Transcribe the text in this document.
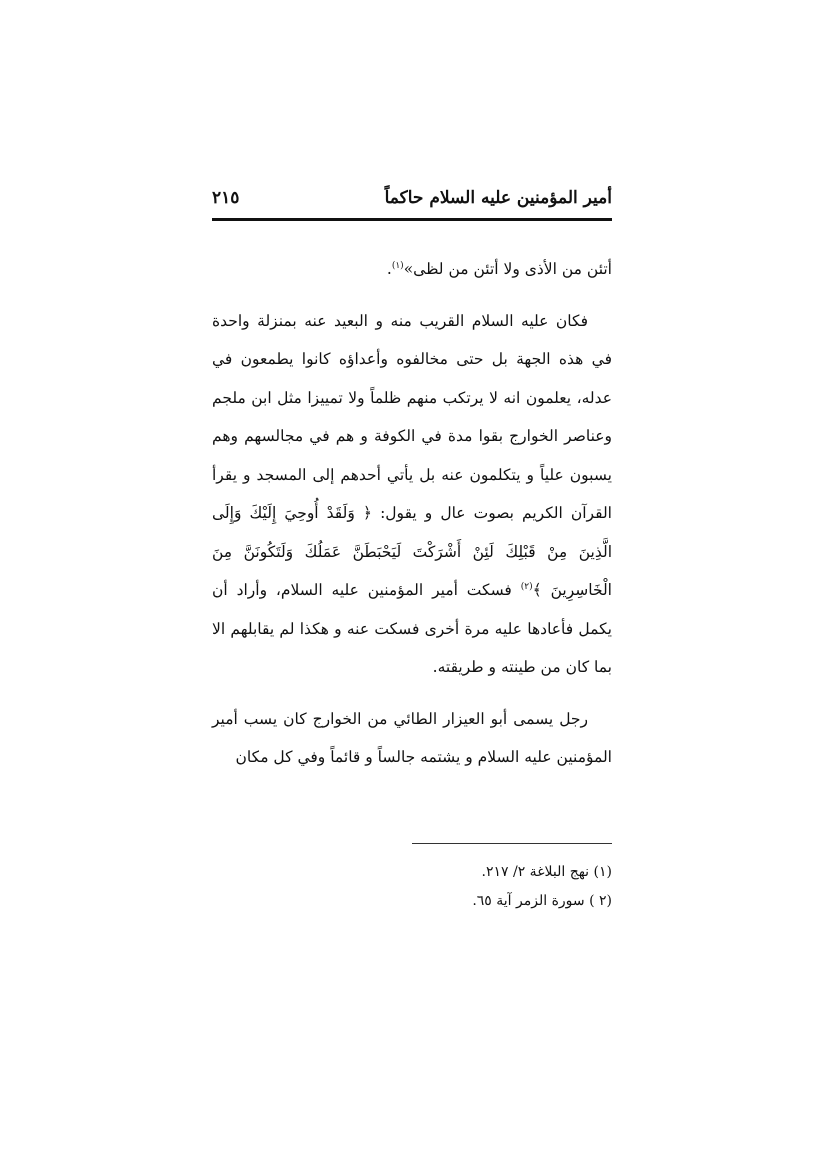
أمير المؤمنين عليه السلام حاكماً
٢١٥

أتئن من الأذى ولا أتئن من لظى»$^{(١)}$.

فكان عليه السلام القريب منه و البعيد عنه بمنزلة واحدة في هذه الجهة بل حتى مخالفوه وأعداؤه كانوا يطمعون في عدله، يعلمون انه لا يرتكب منهم ظلماً ولا تمييزا مثل ابن ملجم وعناصر الخوارج بقوا مدة في الكوفة و هم في مجالسهم وهم يسبون علياً و يتكلمون عنه بل يأتي أحدهم إلى المسجد و يقرأ القرآن الكريم بصوت عال و يقول: ﴿ وَلَقَدْ أُوحِيَ إِلَيْكَ وَإِلَى الَّذِينَ مِنْ قَبْلِكَ لَئِنْ أَشْرَكْتَ لَيَحْبَطَنَّ عَمَلُكَ وَلَتَكُونَنَّ مِنَ الْخَاسِرِينَ ﴾$^{(٢)}$ فسكت أمير المؤمنين عليه السلام، وأراد أن يكمل فأعادها عليه مرة أخرى فسكت عنه و هكذا لم يقابلهم الا بما كان من طينته و طريقته.

رجل يسمى أبو العيزار الطائي من الخوارج كان يسب أمير المؤمنين عليه السلام و يشتمه جالساً و قائماً وفي كل مكان

(١) نهج البلاغة ٢/ ٢١٧.
(٢ ) سورة الزمر آية ٦٥.
